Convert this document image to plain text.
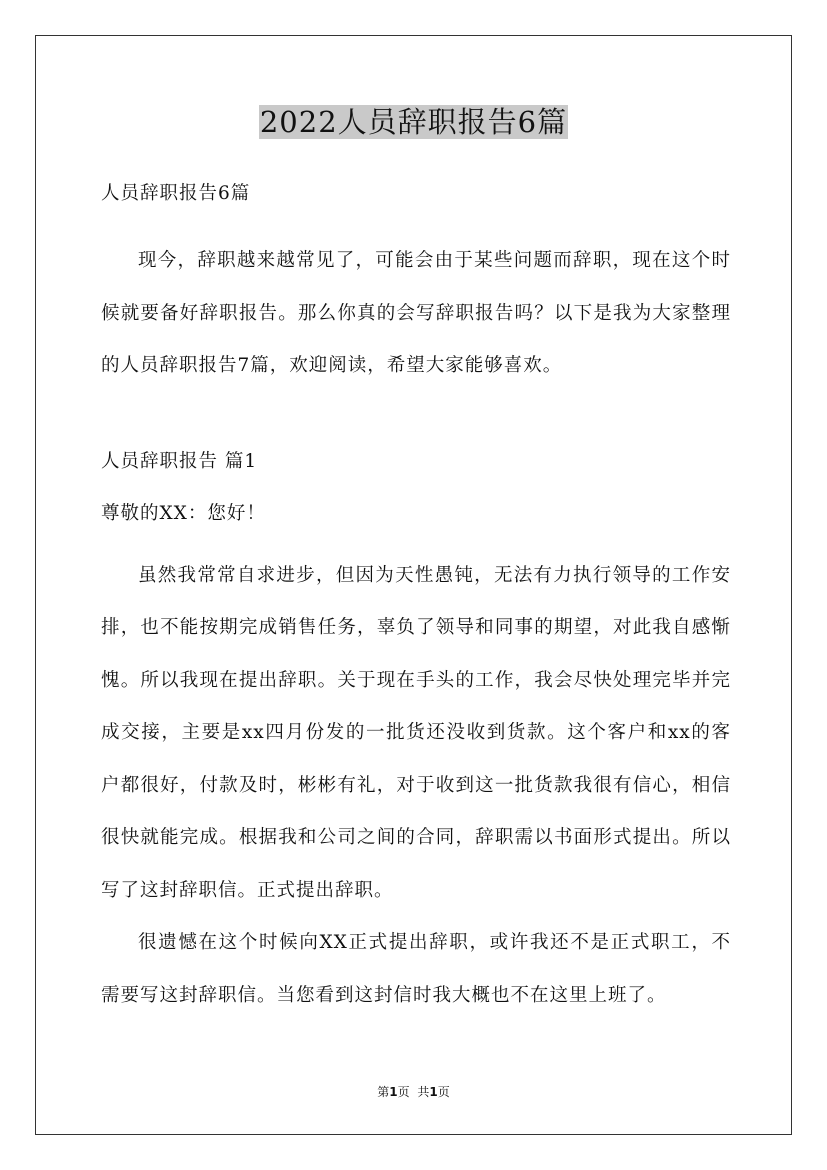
2022人员辞职报告6篇
人员辞职报告6篇

现今，辞职越来越常见了，可能会由于某些问题而辞职，现在这个时候就要备好辞职报告。那么你真的会写辞职报告吗？以下是我为大家整理的人员辞职报告7篇，欢迎阅读，希望大家能够喜欢。

人员辞职报告 篇1
尊敬的XX：您好！

虽然我常常自求进步，但因为天性愚钝，无法有力执行领导的工作安排，也不能按期完成销售任务，辜负了领导和同事的期望，对此我自感惭愧。所以我现在提出辞职。关于现在手头的工作，我会尽快处理完毕并完成交接，主要是xx四月份发的一批货还没收到货款。这个客户和xx的客户都很好，付款及时，彬彬有礼，对于收到这一批货款我很有信心，相信很快就能完成。根据我和公司之间的合同，辞职需以书面形式提出。所以写了这封辞职信。正式提出辞职。

很遗憾在这个时候向XX正式提出辞职，或许我还不是正式职工，不需要写这封辞职信。当您看到这封信时我大概也不在这里上班了。

第1页 共1页
